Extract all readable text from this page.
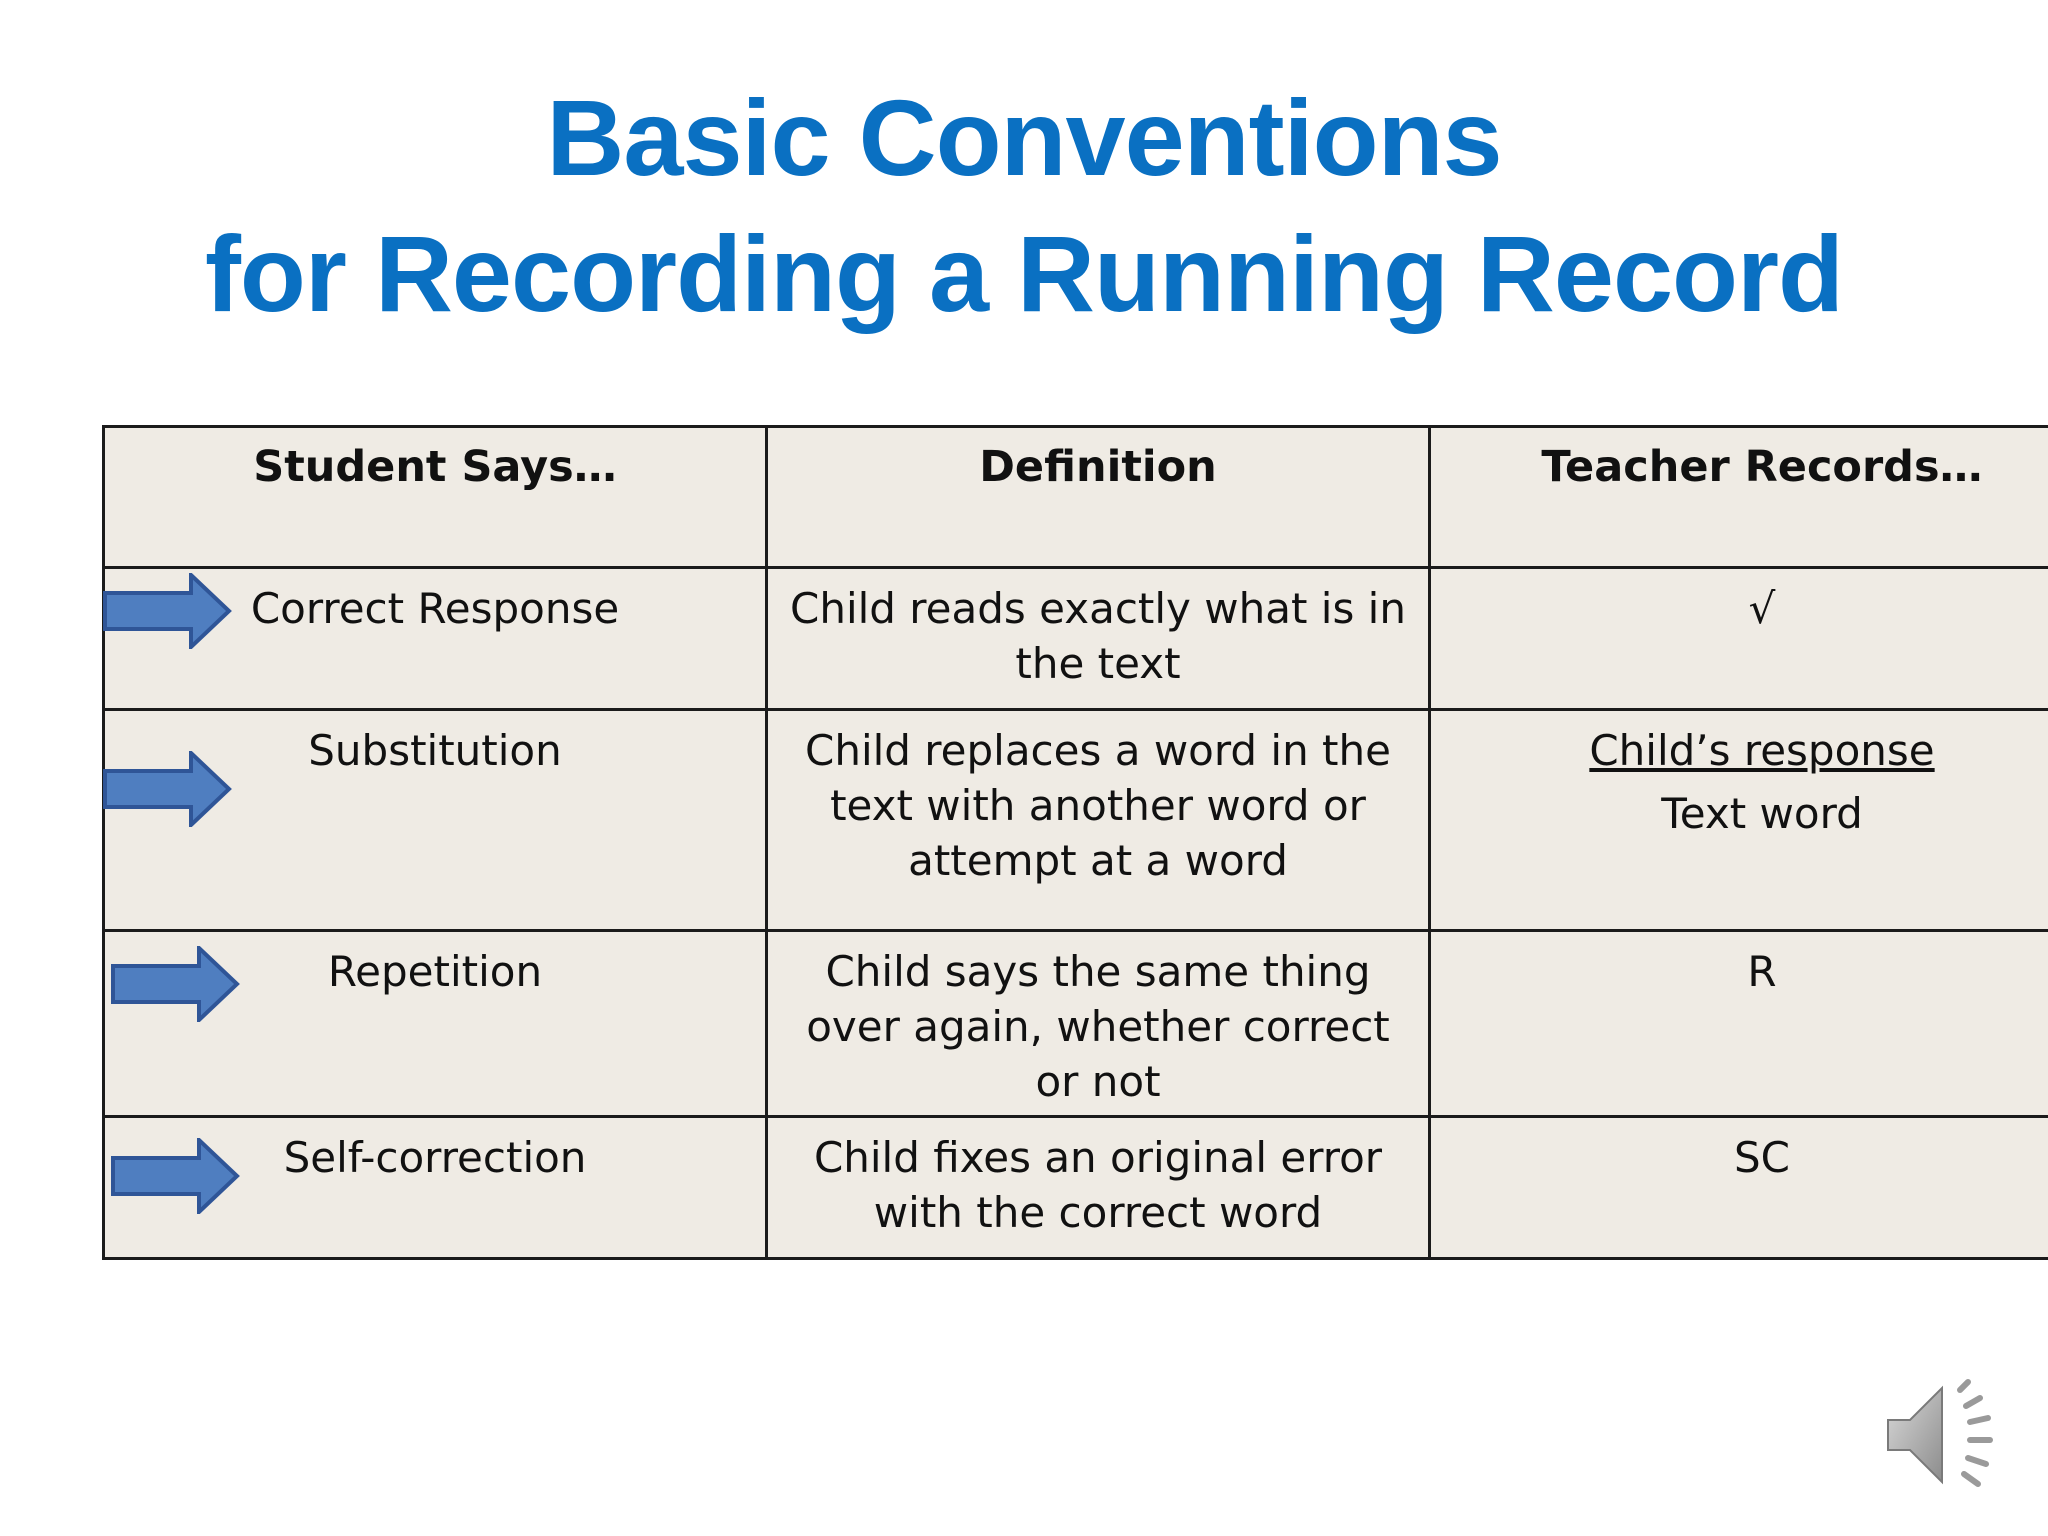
Basic Conventions
for Recording a Running Record
Student Says…	Definition	Teacher Records…

Correct Response	Child reads exactly what is in the text	√

Substitution	Child replaces a word in the text with another word or attempt at a word	Child’s response
Text word

Repetition	Child says the same thing over again, whether correct or not	R

Self-correction	Child fixes an original error with the correct word	SC
